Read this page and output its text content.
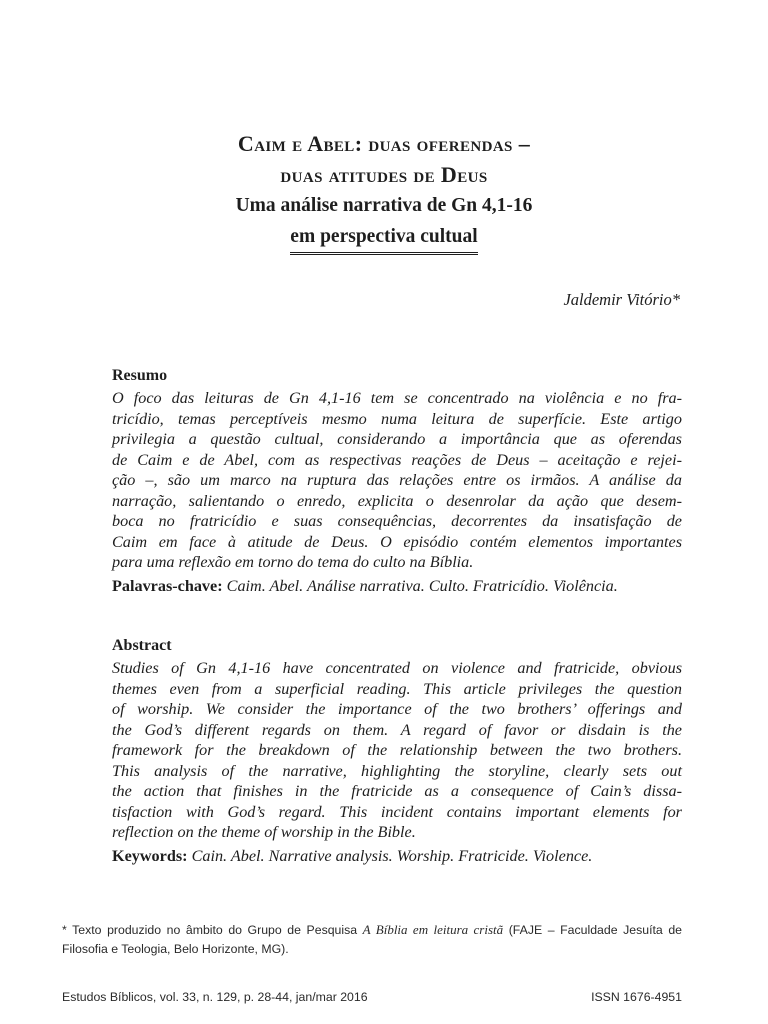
Caim e Abel: duas oferendas –
duas atitudes de Deus
Uma análise narrativa de Gn 4,1-16
em perspectiva cultual
Jaldemir Vitório*
Resumo
O foco das leituras de Gn 4,1-16 tem se concentrado na violência e no fra-
tricídio, temas perceptíveis mesmo numa leitura de superfície. Este artigo
privilegia a questão cultual, considerando a importância que as oferendas
de Caim e de Abel, com as respectivas reações de Deus – aceitação e rejei-
ção –, são um marco na ruptura das relações entre os irmãos. A análise da
narração, salientando o enredo, explicita o desenrolar da ação que desem-
boca no fratricídio e suas consequências, decorrentes da insatisfação de
Caim em face à atitude de Deus. O episódio contém elementos importantes
para uma reflexão em torno do tema do culto na Bíblia.
Palavras-chave: Caim. Abel. Análise narrativa. Culto. Fratricídio. Violência.
Abstract
Studies of Gn 4,1-16 have concentrated on violence and fratricide, obvious
themes even from a superficial reading. This article privileges the question
of worship. We consider the importance of the two brothers’ offerings and
the God’s different regards on them. A regard of favor or disdain is the
framework for the breakdown of the relationship between the two brothers.
This analysis of the narrative, highlighting the storyline, clearly sets out
the action that finishes in the fratricide as a consequence of Cain’s dissa-
tisfaction with God’s regard. This incident contains important elements for
reflection on the theme of worship in the Bible.
Keywords: Cain. Abel. Narrative analysis. Worship. Fratricide. Violence.
* Texto produzido no âmbito do Grupo de Pesquisa A Bíblia em leitura cristã (FAJE – Faculdade Jesuíta de
Filosofia e Teologia, Belo Horizonte, MG).
Estudos Bíblicos, vol. 33, n. 129, p. 28-44, jan/mar 2016	ISSN 1676-4951
